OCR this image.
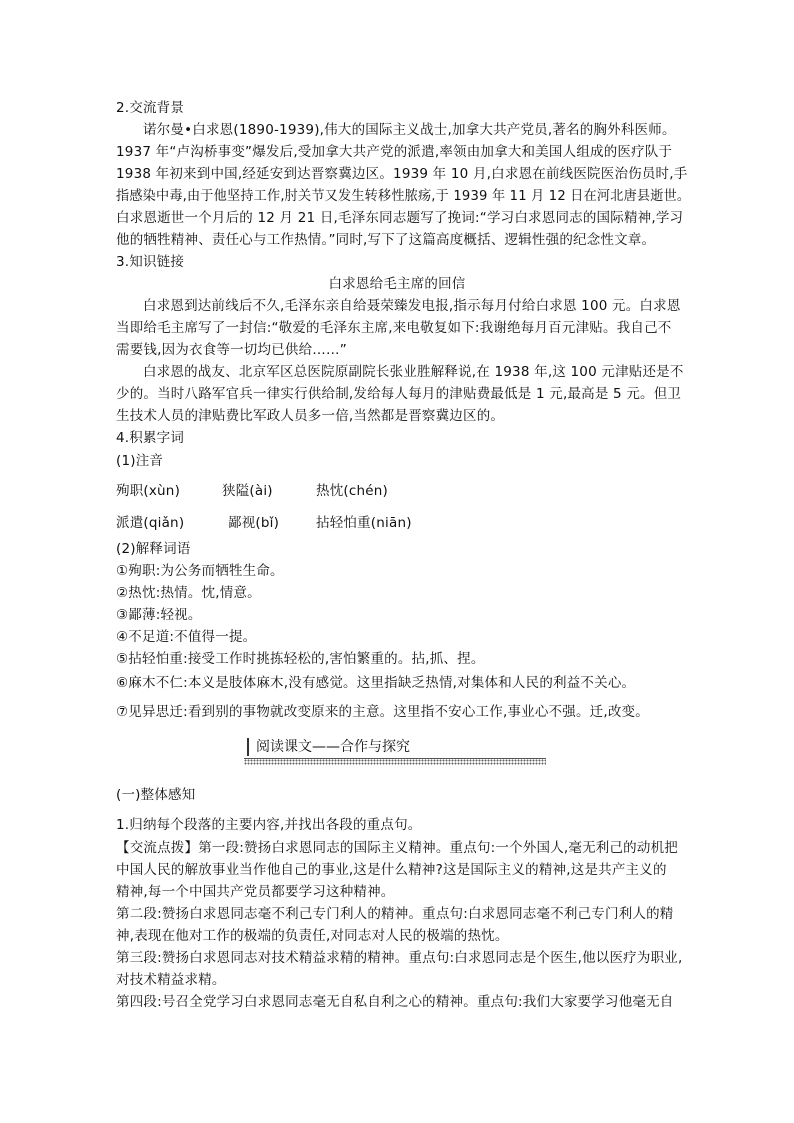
2.交流背景
诺尔曼•白求恩(1890-1939),伟大的国际主义战士,加拿大共产党员,著名的胸外科医师。
1937 年“卢沟桥事变”爆发后,受加拿大共产党的派遣,率领由加拿大和美国人组成的医疗队于
1938 年初来到中国,经延安到达晋察冀边区。1939 年 10 月,白求恩在前线医院医治伤员时,手
指感染中毒,由于他坚持工作,肘关节又发生转移性脓疡,于 1939 年 11 月 12 日在河北唐县逝世。
白求恩逝世一个月后的 12 月 21 日,毛泽东同志题写了挽词:“学习白求恩同志的国际精神,学习
他的牺牲精神、责任心与工作热情。”同时,写下了这篇高度概括、逻辑性强的纪念性文章。
3.知识链接
白求恩给毛主席的回信
白求恩到达前线后不久,毛泽东亲自给聂荣臻发电报,指示每月付给白求恩 100 元。白求恩
当即给毛主席写了一封信:“敬爱的毛泽东主席,来电敬复如下:我谢绝每月百元津贴。我自己不
需要钱,因为衣食等一切均已供给……”
白求恩的战友、北京军区总医院原副院长张业胜解释说,在 1938 年,这 100 元津贴还是不
少的。当时八路军官兵一律实行供给制,发给每人每月的津贴费最低是 1 元,最高是 5 元。但卫
生技术人员的津贴费比军政人员多一倍,当然都是晋察冀边区的。
4.积累字词
(1)注音
殉职(xùn)	狭隘(ài)	热忱(chén)
派遣(qiǎn)	鄙视(bǐ)	拈轻怕重(niān)
(2)解释词语
①殉职:为公务而牺牲生命。
②热忱:热情。忱,情意。
③鄙薄:轻视。
④不足道:不值得一提。
⑤拈轻怕重:接受工作时挑拣轻松的,害怕繁重的。拈,抓、捏。
⑥麻木不仁:本义是肢体麻木,没有感觉。这里指缺乏热情,对集体和人民的利益不关心。
⑦见异思迁:看到别的事物就改变原来的主意。这里指不安心工作,事业心不强。迁,改变。
阅读课文——合作与探究
(一)整体感知
1.归纳每个段落的主要内容,并找出各段的重点句。
【交流点拨】第一段:赞扬白求恩同志的国际主义精神。重点句:一个外国人,毫无利己的动机把
中国人民的解放事业当作他自己的事业,这是什么精神?这是国际主义的精神,这是共产主义的
精神,每一个中国共产党员都要学习这种精神。
第二段:赞扬白求恩同志毫不利己专门利人的精神。重点句:白求恩同志毫不利己专门利人的精
神,表现在他对工作的极端的负责任,对同志对人民的极端的热忱。
第三段:赞扬白求恩同志对技术精益求精的精神。重点句:白求恩同志是个医生,他以医疗为职业,
对技术精益求精。
第四段:号召全党学习白求恩同志毫无自私自利之心的精神。重点句:我们大家要学习他毫无自
